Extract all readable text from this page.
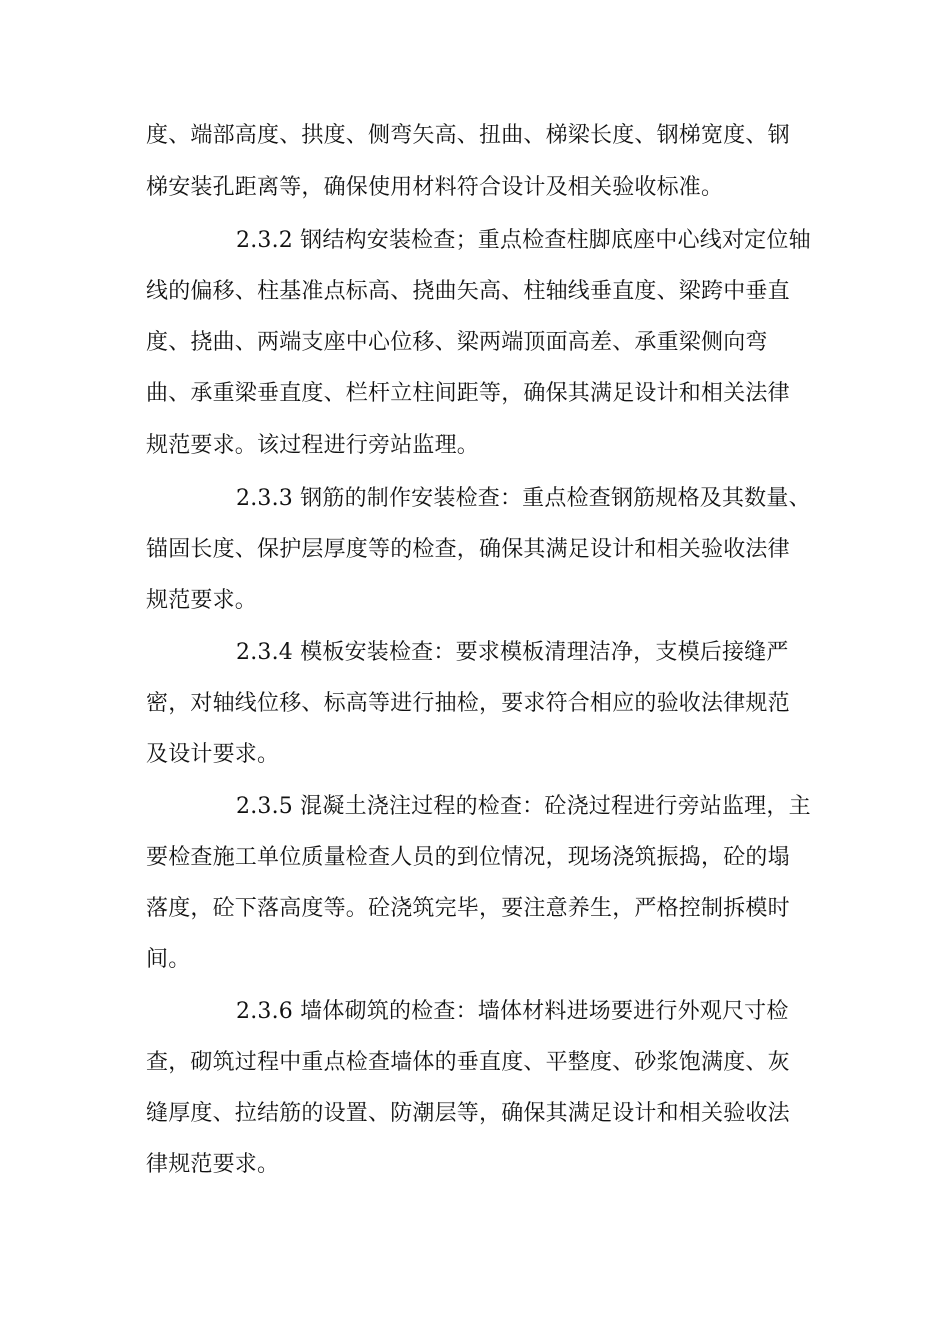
度、端部高度、拱度、侧弯矢高、扭曲、梯梁长度、钢梯宽度、钢
梯安装孔距离等，确保使用材料符合设计及相关验收标准。
2.3.2 钢结构安装检查；重点检查柱脚底座中心线对定位轴
线的偏移、柱基准点标高、挠曲矢高、柱轴线垂直度、梁跨中垂直
度、挠曲、两端支座中心位移、梁两端顶面高差、承重梁侧向弯
曲、承重梁垂直度、栏杆立柱间距等，确保其满足设计和相关法律
规范要求。该过程进行旁站监理。
2.3.3 钢筋的制作安装检查：重点检查钢筋规格及其数量、
锚固长度、保护层厚度等的检查，确保其满足设计和相关验收法律
规范要求。
2.3.4 模板安装检查：要求模板清理洁净，支模后接缝严
密，对轴线位移、标高等进行抽检，要求符合相应的验收法律规范
及设计要求。
2.3.5 混凝土浇注过程的检查：砼浇过程进行旁站监理，主
要检查施工单位质量检查人员的到位情况，现场浇筑振捣，砼的塌
落度，砼下落高度等。砼浇筑完毕，要注意养生，严格控制拆模时
间。
2.3.6 墙体砌筑的检查：墙体材料进场要进行外观尺寸检
查，砌筑过程中重点检查墙体的垂直度、平整度、砂浆饱满度、灰
缝厚度、拉结筋的设置、防潮层等，确保其满足设计和相关验收法
律规范要求。
